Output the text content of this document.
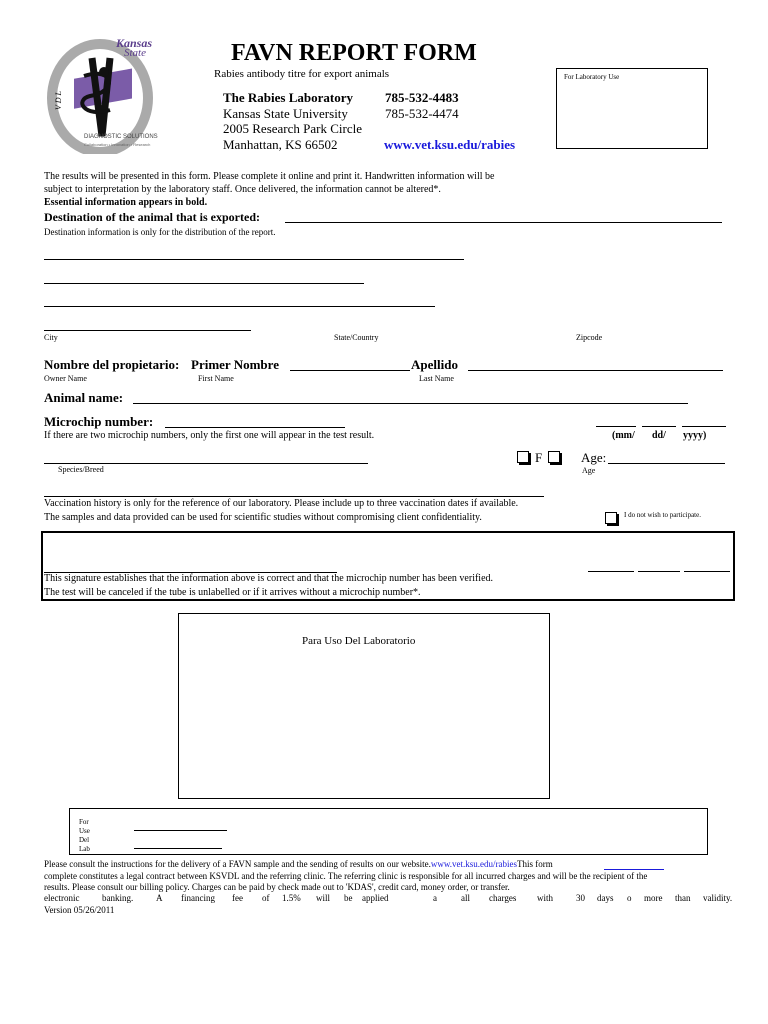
Kansas
State
V D L
DIAGNOSTIC SOLUTIONS
Collaboration • Innovation • Research
FAVN REPORT FORM
Rabies antibody titre for export animals
The Rabies Laboratory 785-532-4483
Kansas State University	785-532-4474
2005 Research Park Circle
Manhattan, KS 66502	www.vet.ksu.edu/rabies
For Laboratory Use
The results will be presented in this form. Please complete it online and print it. Handwritten information will be
subject to interpretation by the laboratory staff. Once delivered, the information cannot be altered*.
Essential information appears in bold.
Destination of the animal that is exported:
Destination information is only for the distribution of the report.
City	State/Country	Zipcode
Nombre del propietario: Primer Nombre	Apellido
Owner Name	First Name	Last Name
Animal name:
Microchip number:
If there are two microchip numbers, only the first one will appear in the test result.	(mm/ dd/ yyyy)
Species/Breed
F	Age:
Age
Vaccination history is only for the reference of our laboratory. Please include up to three vaccination dates if available.
The samples and data provided can be used for scientific studies without compromising client confidentiality.	I do not wish to participate.
This signature establishes that the information above is correct and that the microchip number has been verified.
The test will be canceled if the tube is unlabelled or if it arrives without a microchip number*.
Para Uso Del Laboratorio
For
Use
Del
Lab
Please consult the instructions for the delivery of a FAVN sample and the sending of results on our website.www.vet.ksu.edu/rabiesThis form
complete constitutes a legal contract between KSVDL and the referring clinic. The referring clinic is responsible for all incurred charges and will be the recipient of the
results. Please consult our billing policy. Charges can be paid by check made out to 'KDAS', credit card, money order, or transfer.
electronic	banking.	A financing fee of 1.5% will be applied	a	all charges with	30 days o more than validity.
Version 05/26/2011
